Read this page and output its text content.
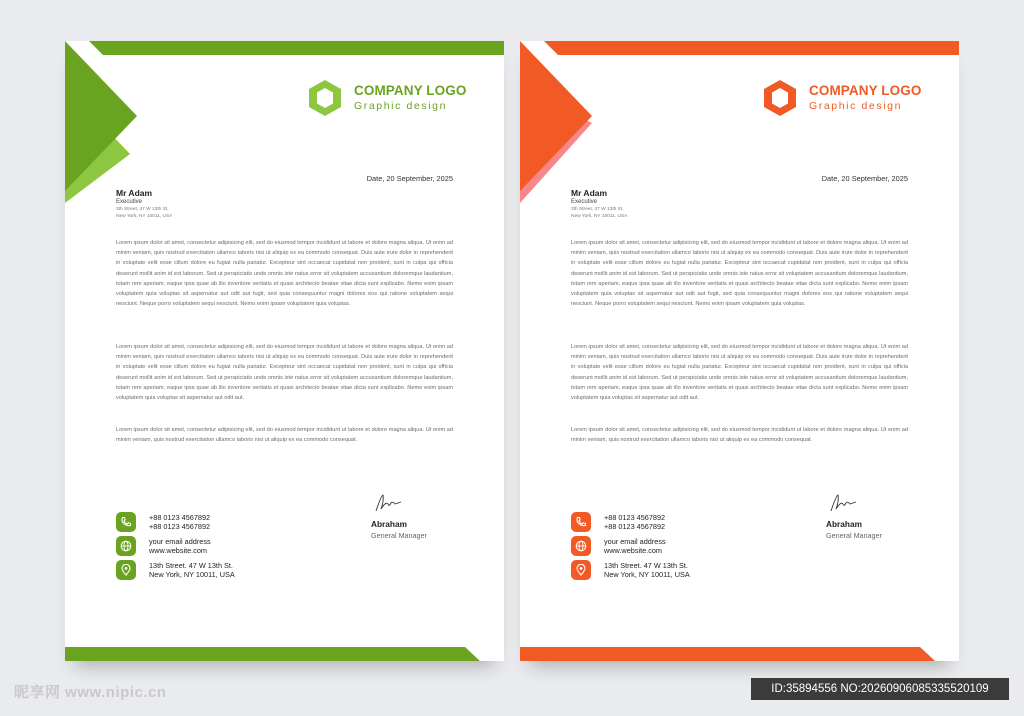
COMPANY LOGO
Graphic design
Date, 20 September, 2025
Mr Adam
Executive
3th Street, 47 W 13th St,
New York, NY 10011, USA

Lorem ipsum dolor sit amet, consectetur adipisicing elit, sed do eiusmod tempor incididunt ut labore et dolore magna aliqua. Ut enim ad minim veniam, quis nostrud exercitation ullamco laboris nisi ut aliquip ex ea commodo consequat. Duis aute irure dolor in reprehenderit in voluptate velit esse cillum dolore eu fugiat nulla pariatur. Excepteur sint occaecat cupidatat non proident, sunt in culpa qui officia deserunt mollit anim id est laborum. Sed ut perspiciatis unde omnis iste natus error sit voluptatem accusantium doloremque laudantium, totam rem aperiam, eaque ipsa quae ab illo inventore veritatis et quasi architecto beatae vitae dicta sunt explicabo. Nemo enim ipsam voluptatem quia voluptas sit aspernatur aut odit aut fugit, sed quia consequuntur magni dolores eos qui ratione voluptatem sequi nesciunt. Neque porro voluptatem sequi nesciunt. Nemo enim ipsam voluptatem quia voluptas.

Lorem ipsum dolor sit amet, consectetur adipisicing elit, sed do eiusmod tempor incididunt ut labore et dolore magna aliqua. Ut enim ad minim veniam, quis nostrud exercitation ullamco laboris nisi ut aliquip ex ea commodo consequat. Duis aute irure dolor in reprehenderit in voluptate velit esse cillum dolore eu fugiat nulla pariatur. Excepteur sint occaecat cupidatat non proident, sunt in culpa qui officia deserunt mollit anim id est laborum. Sed ut perspiciatis unde omnis iste natus error sit voluptatem accusantium doloremque laudantium, totam rem aperiam, eaque ipsa quae ab illo inventore veritatis et quasi architecto beatae vitae dicta sunt explicabo. Nemo enim ipsam voluptatem quia voluptas sit aspernatur aut odit aut.

Lorem ipsum dolor sit amet, consectetur adipisicing elit, sed do eiusmod tempor incididunt ut labore et dolore magna aliqua. Ut enim ad minim veniam, quis nostrud exercitation ullamco laboris nisi ut aliquip ex ea commodo consequat.

+88 0123 4567892
+88 0123 4567892
your email address
www.website.com
13th Street. 47 W 13th St.
New York, NY 10011, USA
Abraham
General Manager
COMPANY LOGO
Graphic design
Date, 20 September, 2025
Mr Adam
Executive
3th Street, 47 W 13th St,
New York, NY 10011, USA

Lorem ipsum dolor sit amet, consectetur adipisicing elit, sed do eiusmod tempor incididunt ut labore et dolore magna aliqua. Ut enim ad minim veniam, quis nostrud exercitation ullamco laboris nisi ut aliquip ex ea commodo consequat. Duis aute irure dolor in reprehenderit in voluptate velit esse cillum dolore eu fugiat nulla pariatur. Excepteur sint occaecat cupidatat non proident, sunt in culpa qui officia deserunt mollit anim id est laborum. Sed ut perspiciatis unde omnis iste natus error sit voluptatem accusantium doloremque laudantium, totam rem aperiam, eaque ipsa quae ab illo inventore veritatis et quasi architecto beatae vitae dicta sunt explicabo. Nemo enim ipsam voluptatem quia voluptas sit aspernatur aut odit aut fugit, sed quia consequuntur magni dolores eos qui ratione voluptatem sequi nesciunt. Neque porro voluptatem sequi nesciunt. Nemo enim ipsam voluptatem quia voluptas.

Lorem ipsum dolor sit amet, consectetur adipisicing elit, sed do eiusmod tempor incididunt ut labore et dolore magna aliqua. Ut enim ad minim veniam, quis nostrud exercitation ullamco laboris nisi ut aliquip ex ea commodo consequat. Duis aute irure dolor in reprehenderit in voluptate velit esse cillum dolore eu fugiat nulla pariatur. Excepteur sint occaecat cupidatat non proident, sunt in culpa qui officia deserunt mollit anim id est laborum. Sed ut perspiciatis unde omnis iste natus error sit voluptatem accusantium doloremque laudantium, totam rem aperiam, eaque ipsa quae ab illo inventore veritatis et quasi architecto beatae vitae dicta sunt explicabo. Nemo enim ipsam voluptatem quia voluptas sit aspernatur aut odit aut.

Lorem ipsum dolor sit amet, consectetur adipisicing elit, sed do eiusmod tempor incididunt ut labore et dolore magna aliqua. Ut enim ad minim veniam, quis nostrud exercitation ullamco laboris nisi ut aliquip ex ea commodo consequat.

+88 0123 4567892
+88 0123 4567892
your email address
www.website.com
13th Street. 47 W 13th St.
New York, NY 10011, USA
Abraham
General Manager
昵享网 www.nipic.cn	ID:35894556 NO:20260906085335520109
